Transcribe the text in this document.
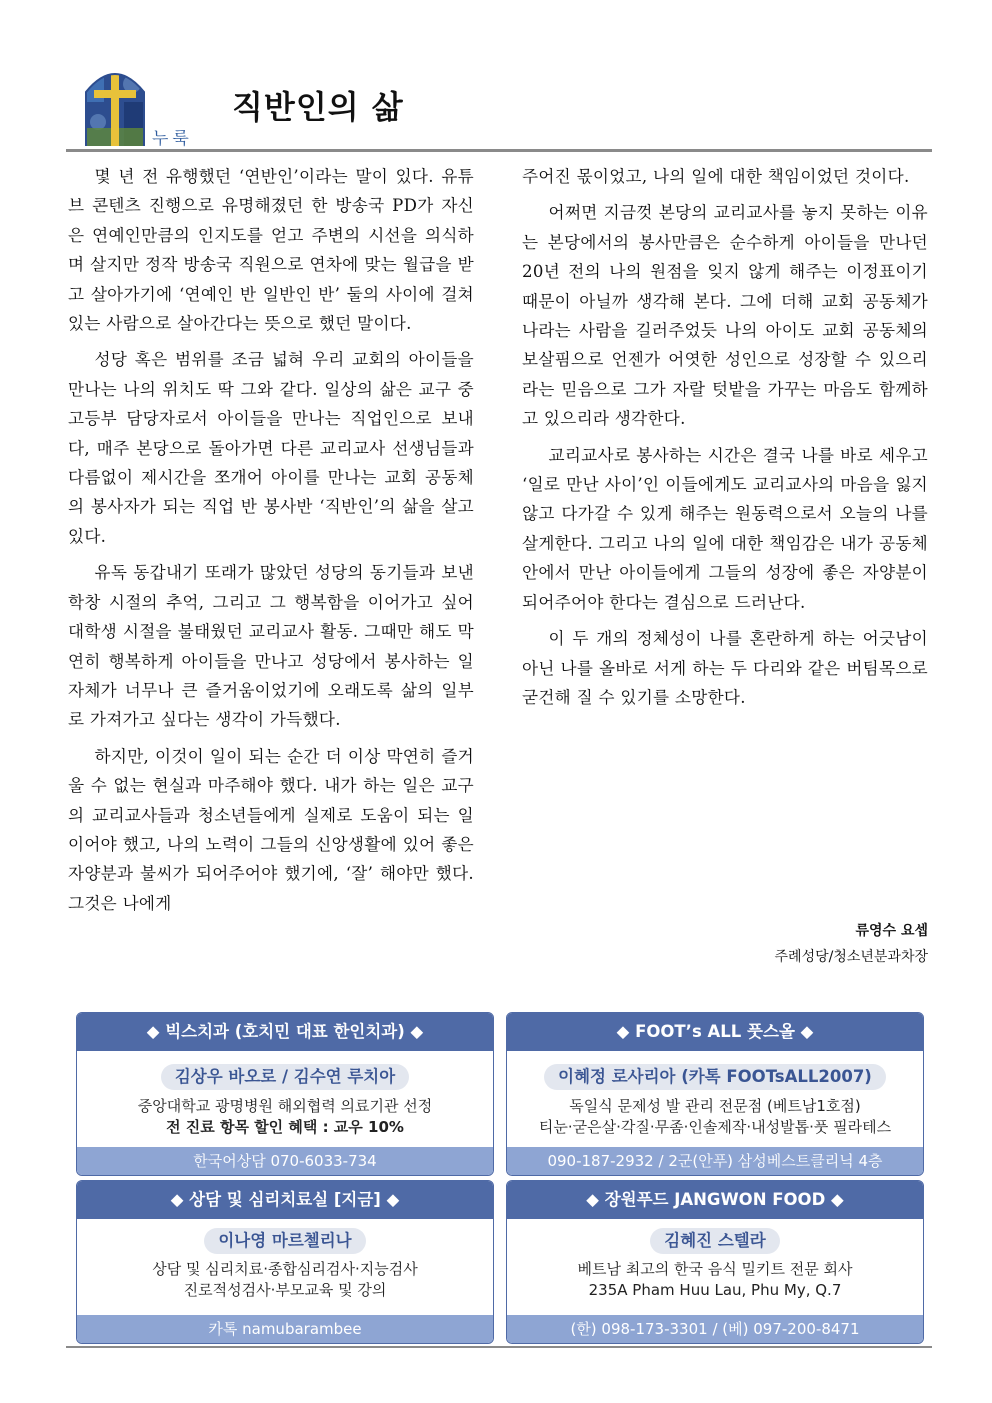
누룩
직반인의 삶

몇 년 전 유행했던 ‘연반인’이라는 말이 있다. 유튜브 콘텐츠 진행으로 유명해졌던 한 방송국 PD가 자신은 연예인만큼의 인지도를 얻고 주변의 시선을 의식하며 살지만 정작 방송국 직원으로 연차에 맞는 월급을 받고 살아가기에 ‘연예인 반 일반인 반’ 둘의 사이에 걸쳐있는 사람으로 살아간다는 뜻으로 했던 말이다.

성당 혹은 범위를 조금 넓혀 우리 교회의 아이들을 만나는 나의 위치도 딱 그와 같다. 일상의 삶은 교구 중고등부 담당자로서 아이들을 만나는 직업인으로 보내다, 매주 본당으로 돌아가면 다른 교리교사 선생님들과 다름없이 제시간을 쪼개어 아이를 만나는 교회 공동체의 봉사자가 되는 직업 반 봉사반 ‘직반인’의 삶을 살고 있다.

유독 동갑내기 또래가 많았던 성당의 동기들과 보낸 학창 시절의 추억, 그리고 그 행복함을 이어가고 싶어 대학생 시절을 불태웠던 교리교사 활동. 그때만 해도 막연히 행복하게 아이들을 만나고 성당에서 봉사하는 일 자체가 너무나 큰 즐거움이었기에 오래도록 삶의 일부로 가져가고 싶다는 생각이 가득했다.

하지만, 이것이 일이 되는 순간 더 이상 막연히 즐거울 수 없는 현실과 마주해야 했다. 내가 하는 일은 교구의 교리교사들과 청소년들에게 실제로 도움이 되는 일이어야 했고, 나의 노력이 그들의 신앙생활에 있어 좋은 자양분과 불씨가 되어주어야 했기에, ‘잘’ 해야만 했다. 그것은 나에게

주어진 몫이었고, 나의 일에 대한 책임이었던 것이다.

어쩌면 지금껏 본당의 교리교사를 놓지 못하는 이유는 본당에서의 봉사만큼은 순수하게 아이들을 만나던 20년 전의 나의 원점을 잊지 않게 해주는 이정표이기 때문이 아닐까 생각해 본다. 그에 더해 교회 공동체가 나라는 사람을 길러주었듯 나의 아이도 교회 공동체의 보살핌으로 언젠가 어엿한 성인으로 성장할 수 있으리라는 믿음으로 그가 자랄 텃밭을 가꾸는 마음도 함께하고 있으리라 생각한다.

교리교사로 봉사하는 시간은 결국 나를 바로 세우고 ‘일로 만난 사이’인 이들에게도 교리교사의 마음을 잃지 않고 다가갈 수 있게 해주는 원동력으로서 오늘의 나를 살게한다. 그리고 나의 일에 대한 책임감은 내가 공동체 안에서 만난 아이들에게 그들의 성장에 좋은 자양분이 되어주어야 한다는 결심으로 드러난다.

이 두 개의 정체성이 나를 혼란하게 하는 어긋남이 아닌 나를 올바로 서게 하는 두 다리와 같은 버팀목으로 굳건해 질 수 있기를 소망한다.

류영수 요셉
주례성당/청소년분과차장
◆ 빅스치과 (호치민 대표 한인치과) ◆
김상우 바오로 / 김수연 루치아
중앙대학교 광명병원 해외협력 의료기관 선정
전 진료 항목 할인 혜택 : 교우 10%
한국어상담 070-6033-734
◆ FOOT’s ALL 풋스올 ◆
이혜정 로사리아 (카톡 FOOTsALL2007)
독일식 문제성 발 관리 전문점 (베트남1호점)
티눈·굳은살·각질·무좀·인솔제작·내성발톱·풋 필라테스
090-187-2932 / 2군(안푸) 삼성베스트클리닉 4층
◆ 상담 및 심리치료실 [지금] ◆
이나영 마르첼리나
상담 및 심리치료·종합심리검사·지능검사
진로적성검사·부모교육 및 강의
카톡 namubarambee
◆ 장원푸드 JANGWON FOOD ◆
김혜진 스텔라
베트남 최고의 한국 음식 밀키트 전문 회사
235A Pham Huu Lau, Phu My, Q.7
(한) 098-173-3301 / (베) 097-200-8471
